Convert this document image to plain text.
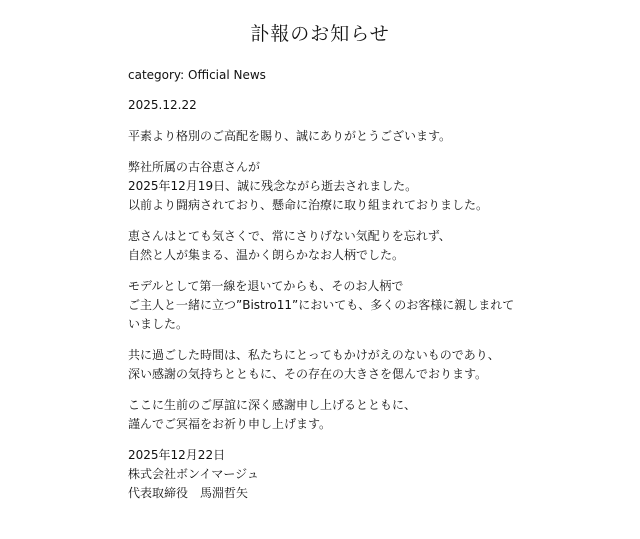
訃報のお知らせ

category: Official News

2025.12.22

平素より格別のご高配を賜り、誠にありがとうございます。

弊社所属の古谷恵さんが
2025年12月19日、誠に残念ながら逝去されました。
以前より闘病されており、懸命に治療に取り組まれておりました。

恵さんはとても気さくで、常にさりげない気配りを忘れず、
自然と人が集まる、温かく朗らかなお人柄でした。

モデルとして第一線を退いてからも、そのお人柄で
ご主人と一緒に立つ”Bistro11”においても、多くのお客様に親しまれて
いました。

共に過ごした時間は、私たちにとってもかけがえのないものであり、
深い感謝の気持ちとともに、その存在の大きさを偲んでおります。

ここに生前のご厚誼に深く感謝申し上げるとともに、
謹んでご冥福をお祈り申し上げます。

2025年12月22日
株式会社ボンイマージュ
代表取締役　馬淵哲矢
